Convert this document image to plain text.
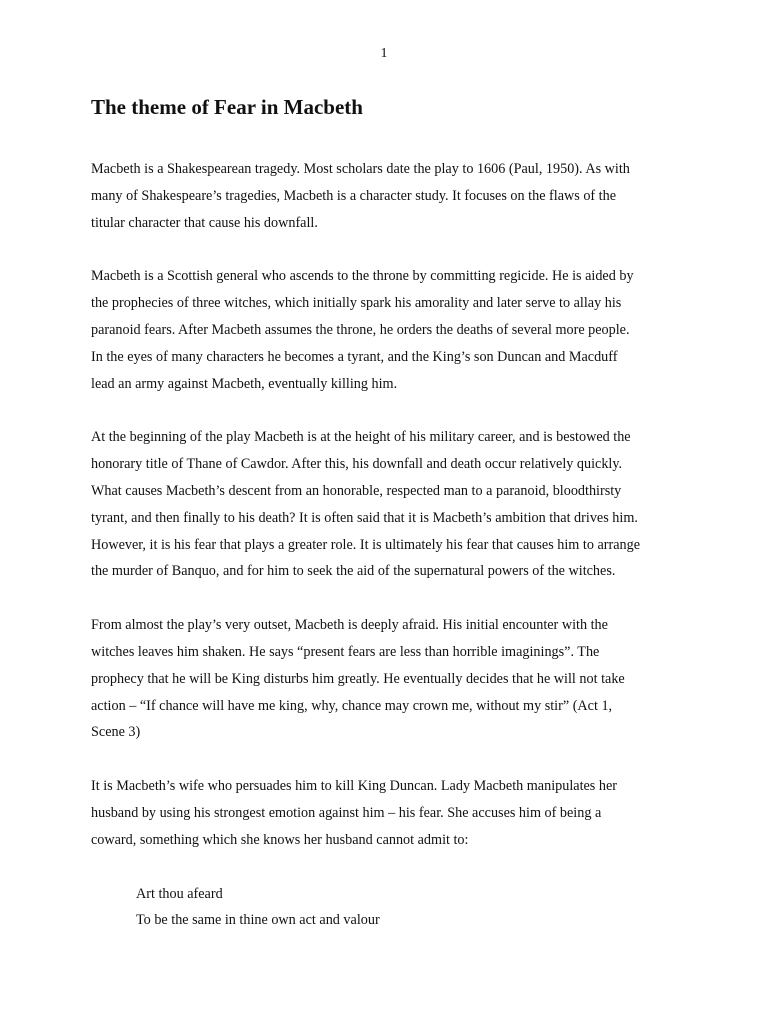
1
The theme of Fear in Macbeth

Macbeth is a Shakespearean tragedy. Most scholars date the play to 1606 (Paul, 1950). As with
many of Shakespeare’s tragedies, Macbeth is a character study. It focuses on the flaws of the
titular character that cause his downfall.

Macbeth is a Scottish general who ascends to the throne by committing regicide. He is aided by
the prophecies of three witches, which initially spark his amorality and later serve to allay his
paranoid fears. After Macbeth assumes the throne, he orders the deaths of several more people.
In the eyes of many characters he becomes a tyrant, and the King’s son Duncan and Macduff
lead an army against Macbeth, eventually killing him.

At the beginning of the play Macbeth is at the height of his military career, and is bestowed the
honorary title of Thane of Cawdor. After this, his downfall and death occur relatively quickly.
What causes Macbeth’s descent from an honorable, respected man to a paranoid, bloodthirsty
tyrant, and then finally to his death? It is often said that it is Macbeth’s ambition that drives him.
However, it is his fear that plays a greater role. It is ultimately his fear that causes him to arrange
the murder of Banquo, and for him to seek the aid of the supernatural powers of the witches.

From almost the play’s very outset, Macbeth is deeply afraid. His initial encounter with the
witches leaves him shaken. He says “present fears are less than horrible imaginings”. The
prophecy that he will be King disturbs him greatly. He eventually decides that he will not take
action – “If chance will have me king, why, chance may crown me, without my stir” (Act 1,
Scene 3)

It is Macbeth’s wife who persuades him to kill King Duncan. Lady Macbeth manipulates her
husband by using his strongest emotion against him – his fear. She accuses him of being a
coward, something which she knows her husband cannot admit to:

Art thou afeard
To be the same in thine own act and valour
